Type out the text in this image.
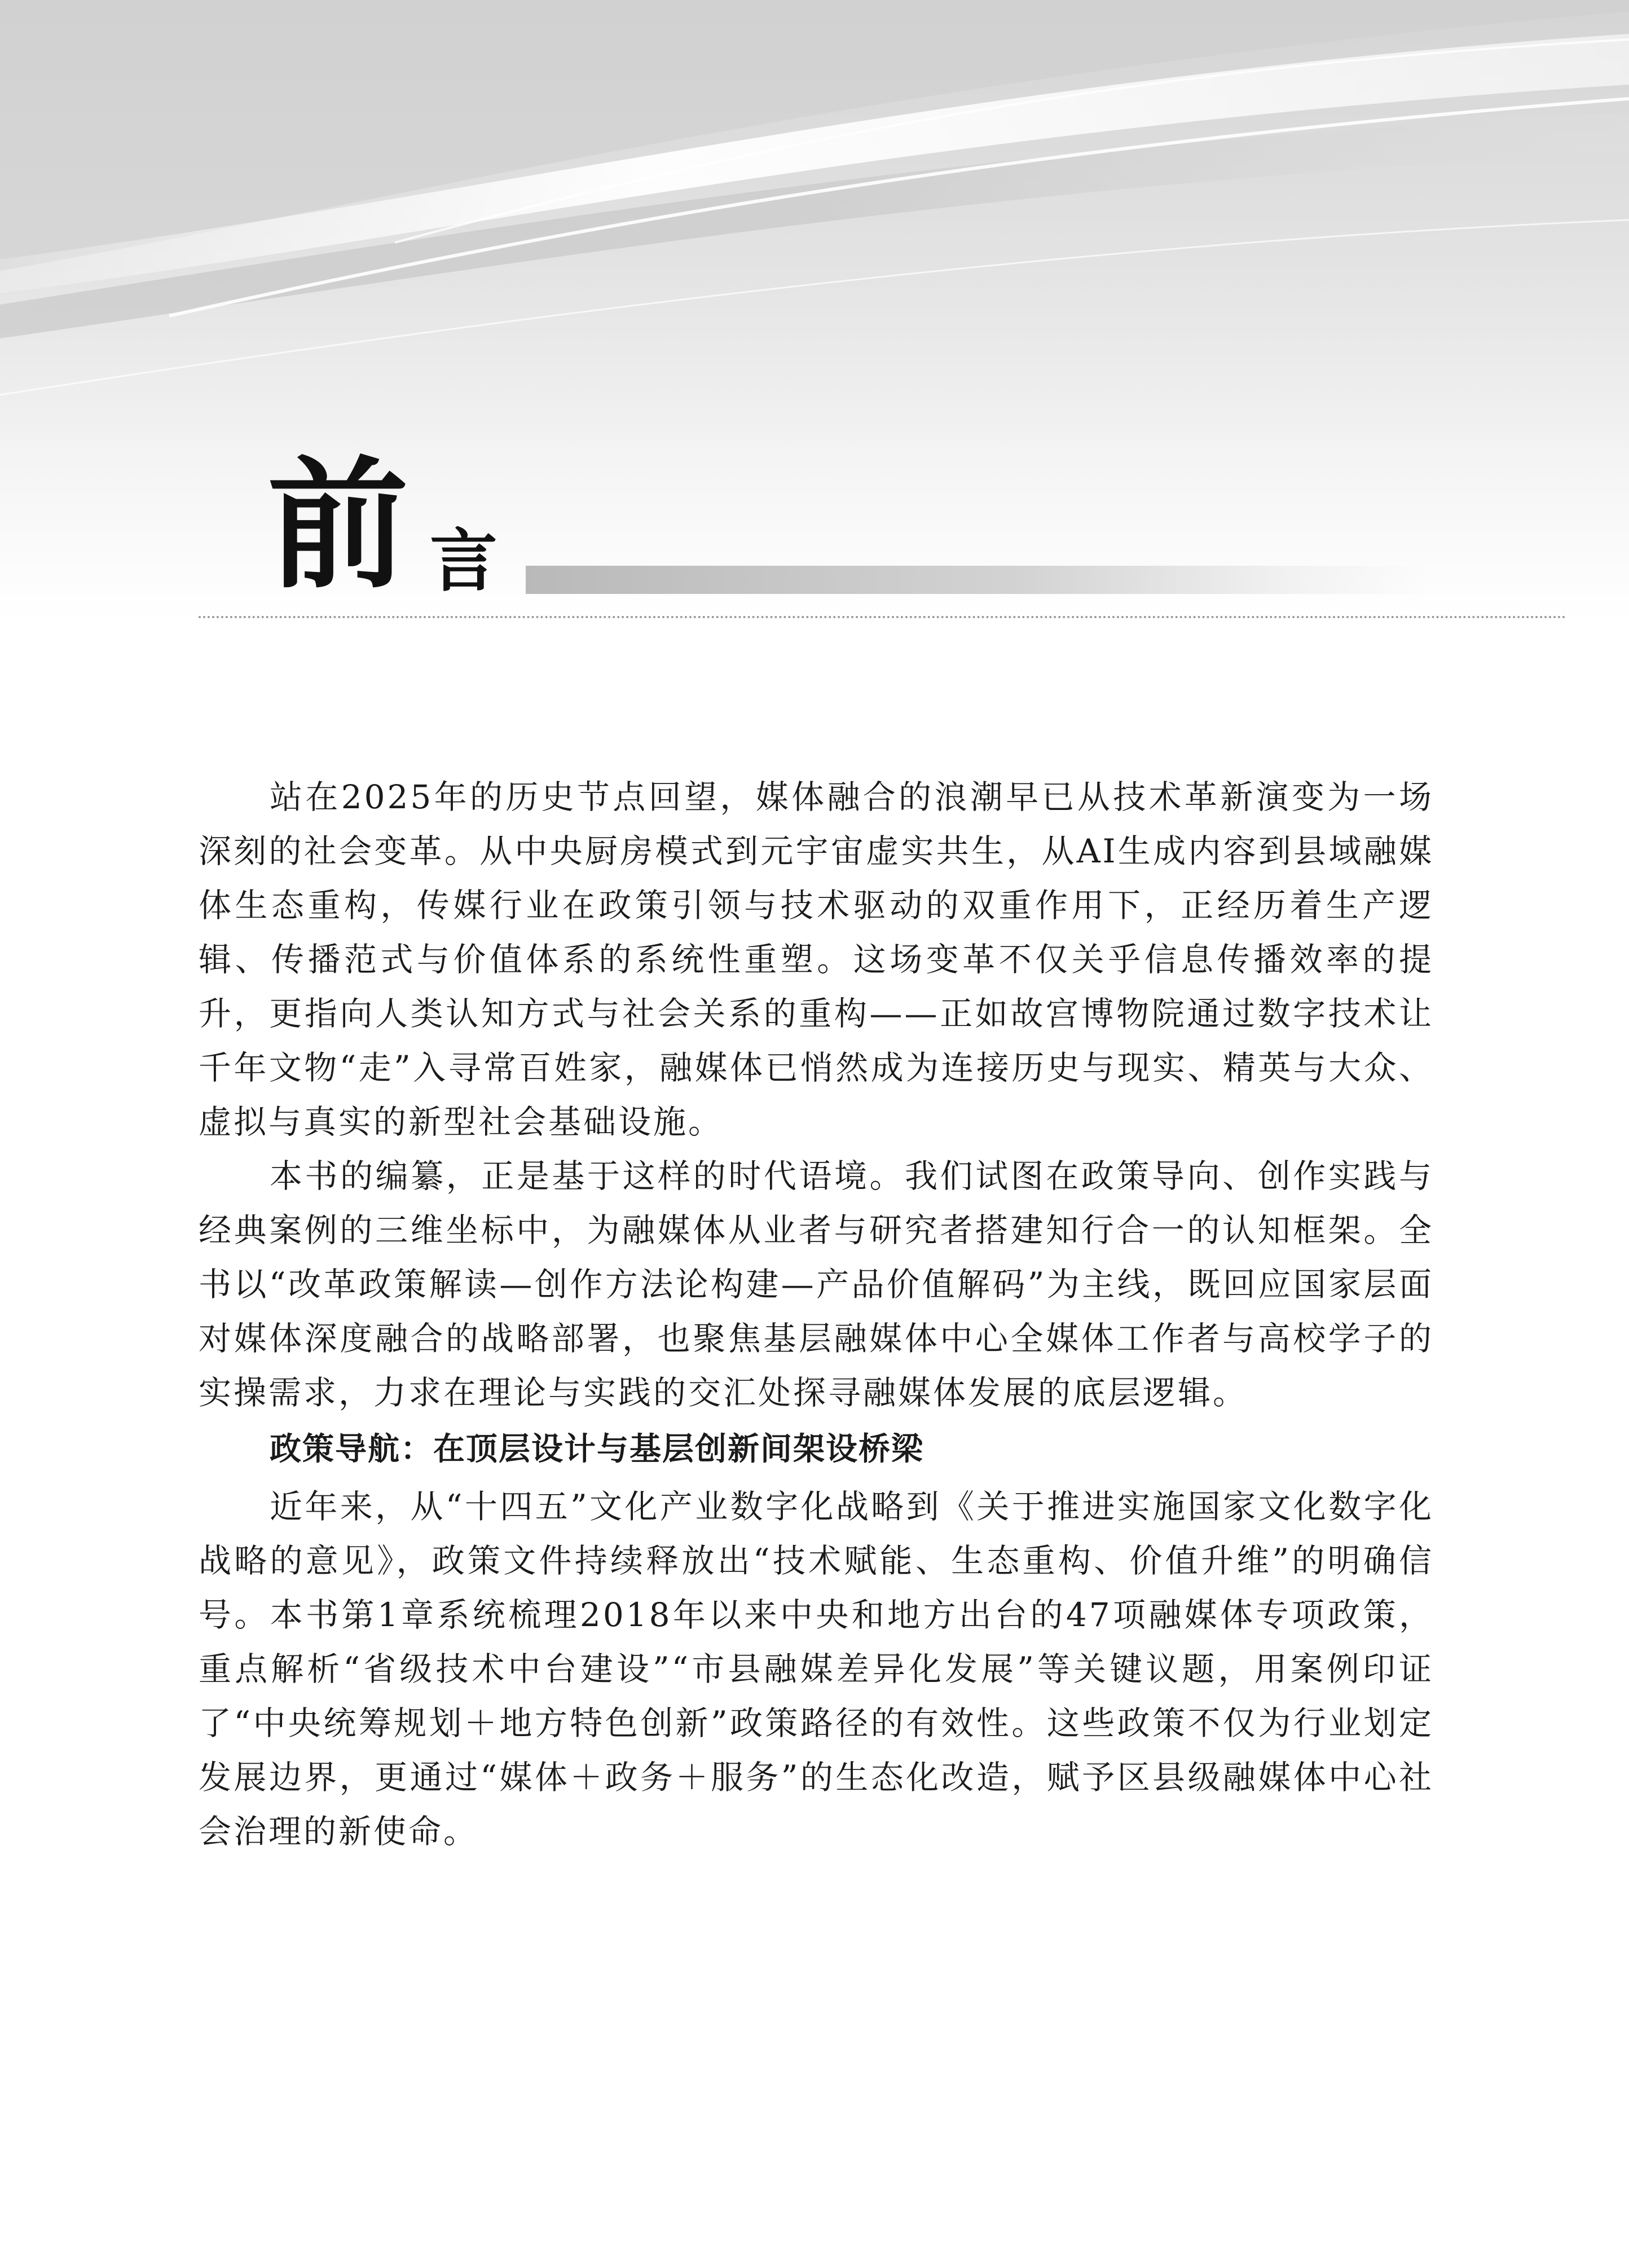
前 言

站在2025年的历史节点回望，媒体融合的浪潮早已从技术革新演变为一场深刻的社会变革。从中央厨房模式到元宇宙虚实共生，从AI生成内容到县域融媒体生态重构，传媒行业在政策引领与技术驱动的双重作用下，正经历着生产逻辑、传播范式与价值体系的系统性重塑。这场变革不仅关乎信息传播效率的提升，更指向人类认知方式与社会关系的重构——正如故宫博物院通过数字技术让千年文物“走”入寻常百姓家，融媒体已悄然成为连接历史与现实、精英与大众、虚拟与真实的新型社会基础设施。

本书的编纂，正是基于这样的时代语境。我们试图在政策导向、创作实践与经典案例的三维坐标中，为融媒体从业者与研究者搭建知行合一的认知框架。全书以“改革政策解读—创作方法论构建—产品价值解码”为主线，既回应国家层面对媒体深度融合的战略部署，也聚焦基层融媒体中心全媒体工作者与高校学子的实操需求，力求在理论与实践的交汇处探寻融媒体发展的底层逻辑。

政策导航：在顶层设计与基层创新间架设桥梁

近年来，从“十四五”文化产业数字化战略到《关于推进实施国家文化数字化战略的意见》，政策文件持续释放出“技术赋能、生态重构、价值升维”的明确信号。本书第1章系统梳理2018年以来中央和地方出台的47项融媒体专项政策，重点解析“省级技术中台建设”“市县融媒差异化发展”等关键议题，用案例印证了“中央统筹规划＋地方特色创新”政策路径的有效性。这些政策不仅为行业划定发展边界，更通过“媒体＋政务＋服务”的生态化改造，赋予区县级融媒体中心社会治理的新使命。
